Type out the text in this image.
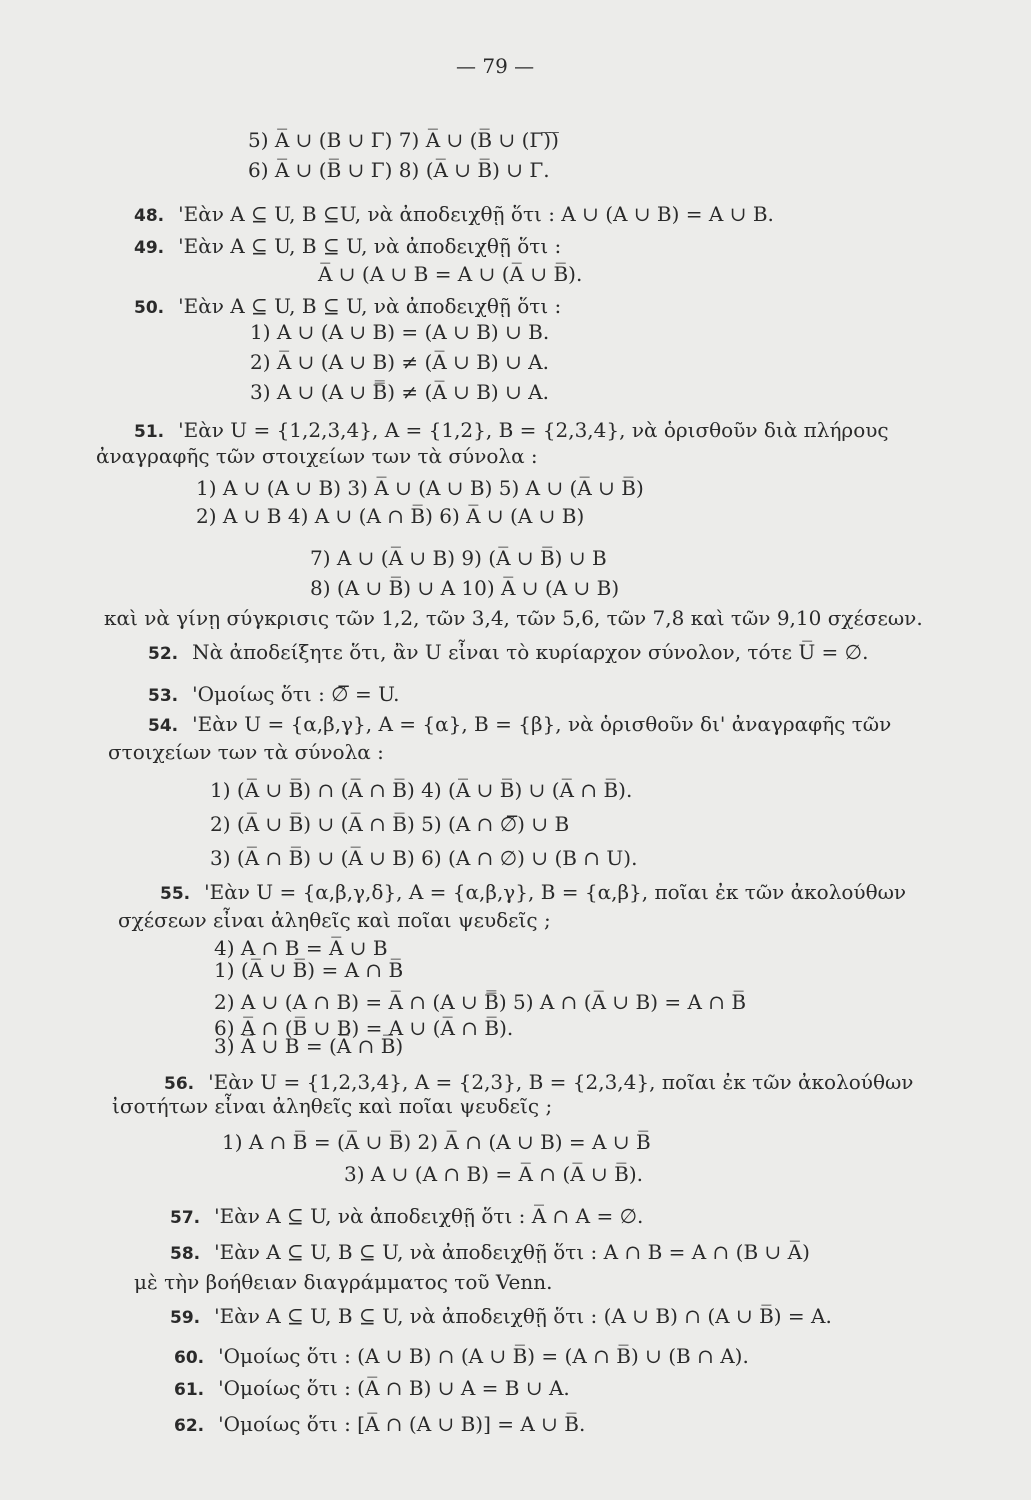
— 79 —
5) A̅ ∪ (B ∪ Γ) 7) A̅ ∪ (B̅ ∪ (Γ)̅)̅
6) A̅ ∪ (B̅ ∪ Γ) 8) (A̅ ∪ B̅) ∪ Γ.
48. 'Εὰν A ⊆ U, B ⊆U, νὰ ἀποδειχθῇ ὅτι : A ∪ (A ∪ B) = A ∪ B.
49. 'Εὰν A ⊆ U, B ⊆ U, νὰ ἀποδειχθῇ ὅτι :
A̅ ∪ (A ∪ B = A ∪ (A̅ ∪ B̅).
50. 'Εὰν A ⊆ U, B ⊆ U, νὰ ἀποδειχθῇ ὅτι :
1) A ∪ (A ∪ B) = (A ∪ B) ∪ B.
2) A̅ ∪ (A ∪ B) ≠ (A̅ ∪ B) ∪ A.
3) A ∪ (A ∪ B̿) ≠ (A̅ ∪ B) ∪ A.
51. 'Εὰν U = {1,2,3,4}, A = {1,2}, B = {2,3,4}, νὰ ὁρισθοῦν διὰ πλήρους
ἀναγραφῆς τῶν στοιχείων των τὰ σύνολα :
1) A ∪ (A ∪ B) 3) A̅ ∪ (A ∪ B) 5) A ∪ (A̅ ∪ B̅)
2) A ∪ B 4) A ∪ (A ∩ B̅) 6) A̅ ∪ (A ∪ B)
7) A ∪ (A̅ ∪ B) 9) (A̅ ∪ B̅) ∪ B
8) (A ∪ B̅) ∪ A 10) A̅ ∪ (A ∪ B)
καὶ νὰ γίνῃ σύγκρισις τῶν 1,2, τῶν 3,4, τῶν 5,6, τῶν 7,8 καὶ τῶν 9,10 σχέσεων.
52. Νὰ ἀποδείξητε ὅτι, ἂν U εἶναι τὸ κυρίαρχον σύνολον, τότε U̅ = ∅.
53. 'Ομοίως ὅτι : ∅̅ = U.
54. 'Εὰν U = {α,β,γ}, A = {α}, B = {β}, νὰ ὁρισθοῦν δι' ἀναγραφῆς τῶν
στοιχείων των τὰ σύνολα :
1) (A̅ ∪ B̅) ∩ (A̅ ∩ B̅) 4) (A̅ ∪ B̅) ∪ (A̅ ∩ B̅).
2) (A̅ ∪ B̅) ∪ (A̅ ∩ B̅) 5) (A ∩ ∅̅) ∪ B
3) (A̅ ∩ B̅) ∪ (A̅ ∪ B) 6) (A ∩ ∅) ∪ (B ∩ U).
55. 'Εὰν U = {α,β,γ,δ}, A = {α,β,γ}, B = {α,β}, ποῖαι ἐκ τῶν ἀκολούθων
σχέσεων εἶναι ἀληθεῖς καὶ ποῖαι ψευδεῖς ;
4) A ∩ B = A̅ ∪ B
1) (A̅ ∪ B̅) = A ∩ B̅
2) A ∪ (A ∩ B) = A̅ ∩ (A ∪ B̿) 5) A ∩ (A̅ ∪ B) = A ∩ B̅
6) A̅ ∩ (B̅ ∪ B) = A ∪ (A̅ ∩ B̅).
3) A̅ ∪ B = (A̅ ∩ B̅)
56. 'Εὰν U = {1,2,3,4}, A = {2,3}, B = {2,3,4}, ποῖαι ἐκ τῶν ἀκολούθων
ἰσοτήτων εἶναι ἀληθεῖς καὶ ποῖαι ψευδεῖς ;
1) A ∩ B̅ = (A̅ ∪ B̅) 2) A̅ ∩ (A ∪ B) = A ∪ B̅
3) A ∪ (A ∩ B) = A̅ ∩ (A̅ ∪ B̅).
57. 'Εὰν A ⊆ U, νὰ ἀποδειχθῇ ὅτι : A̅ ∩ A = ∅.
58. 'Εὰν A ⊆ U, B ⊆ U, νὰ ἀποδειχθῇ ὅτι : A ∩ B = A ∩ (B ∪ A̅)
μὲ τὴν βοήθειαν διαγράμματος τοῦ Venn.
59. 'Εὰν A ⊆ U, B ⊆ U, νὰ ἀποδειχθῇ ὅτι : (A ∪ B) ∩ (A ∪ B̅) = A.
60. 'Ομοίως ὅτι : (A ∪ B) ∩ (A ∪ B̅) = (A ∩ B̅) ∪ (B ∩ A).
61. 'Ομοίως ὅτι : (A̅ ∩ B) ∪ A = B ∪ A.
62. 'Ομοίως ὅτι : [A̅ ∩ (A ∪ B)] = A ∪ B̅.
